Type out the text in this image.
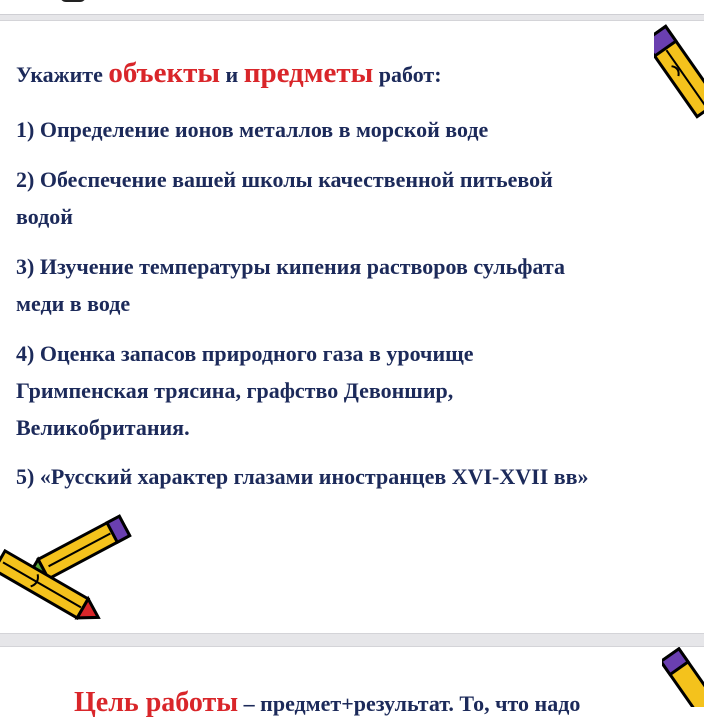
Укажите объекты и предметы работ:

1) Определение ионов металлов в морской воде

2) Обеспечение вашей школы качественной питьевой
водой

3) Изучение температуры кипения растворов сульфата
меди в воде

4) Оценка запасов природного газа в урочище
Гримпенская трясина, графство Девоншир,
Великобритания.

5) «Русский характер глазами иностранцев XVI-XVII вв»

Цель работы – предмет+результат. То, что надо
